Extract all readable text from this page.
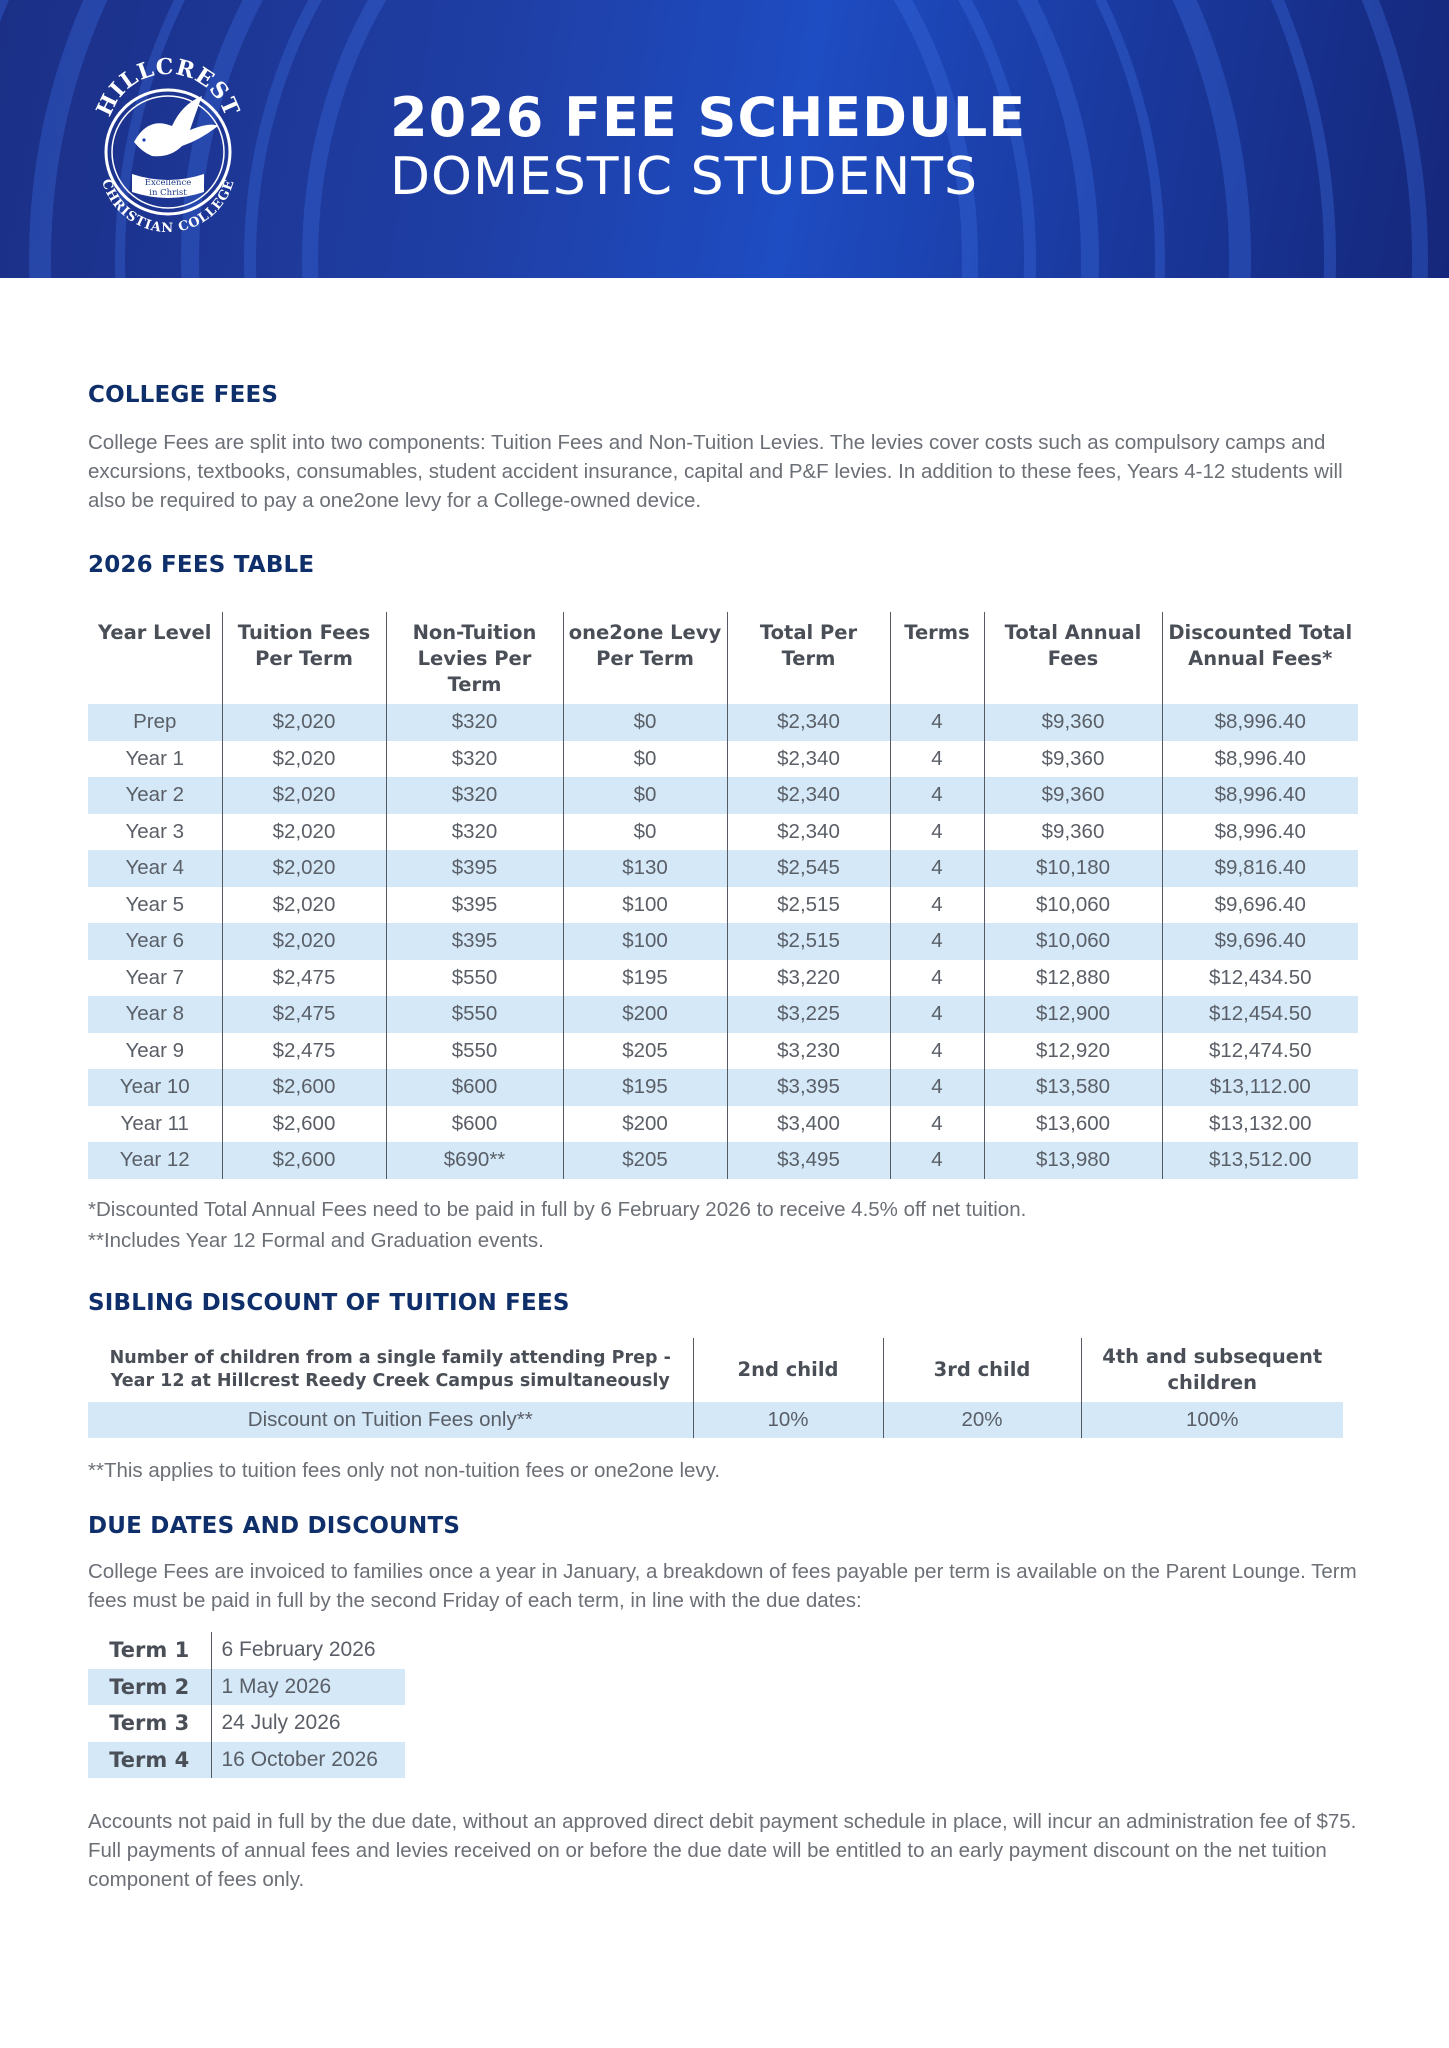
HILLCREST
CHRISTIAN COLLEGE
Excellence
in Christ
2026 FEE SCHEDULE
DOMESTIC STUDENTS
COLLEGE FEES
College Fees are split into two components: Tuition Fees and Non-Tuition Levies. The levies cover costs such as compulsory camps and excursions, textbooks, consumables, student accident insurance, capital and P&F levies. In addition to these fees, Years 4-12 students will also be required to pay a one2one levy for a College-owned device.
2026 FEES TABLE
Year Level	Tuition Fees Per Term	Non-Tuition Levies Per Term	one2one Levy Per Term	Total Per Term	Terms	Total Annual Fees	Discounted Total Annual Fees*
Prep	$2,020	$320	$0	$2,340	4	$9,360	$8,996.40
Year 1	$2,020	$320	$0	$2,340	4	$9,360	$8,996.40
Year 2	$2,020	$320	$0	$2,340	4	$9,360	$8,996.40
Year 3	$2,020	$320	$0	$2,340	4	$9,360	$8,996.40
Year 4	$2,020	$395	$130	$2,545	4	$10,180	$9,816.40
Year 5	$2,020	$395	$100	$2,515	4	$10,060	$9,696.40
Year 6	$2,020	$395	$100	$2,515	4	$10,060	$9,696.40
Year 7	$2,475	$550	$195	$3,220	4	$12,880	$12,434.50
Year 8	$2,475	$550	$200	$3,225	4	$12,900	$12,454.50
Year 9	$2,475	$550	$205	$3,230	4	$12,920	$12,474.50
Year 10	$2,600	$600	$195	$3,395	4	$13,580	$13,112.00
Year 11	$2,600	$600	$200	$3,400	4	$13,600	$13,132.00
Year 12	$2,600	$690**	$205	$3,495	4	$13,980	$13,512.00
*Discounted Total Annual Fees need to be paid in full by 6 February 2026 to receive 4.5% off net tuition.
**Includes Year 12 Formal and Graduation events.
SIBLING DISCOUNT OF TUITION FEES
Number of children from a single family attending Prep - Year 12 at Hillcrest Reedy Creek Campus simultaneously	2nd child	3rd child	4th and subsequent children
Discount on Tuition Fees only**	10%	20%	100%
**This applies to tuition fees only not non-tuition fees or one2one levy.
DUE DATES AND DISCOUNTS
College Fees are invoiced to families once a year in January, a breakdown of fees payable per term is available on the Parent Lounge. Term fees must be paid in full by the second Friday of each term, in line with the due dates:
Term 1	6 February 2026
Term 2	1 May 2026
Term 3	24 July 2026
Term 4	16 October 2026
Accounts not paid in full by the due date, without an approved direct debit payment schedule in place, will incur an administration fee of $75. Full payments of annual fees and levies received on or before the due date will be entitled to an early payment discount on the net tuition component of fees only.
